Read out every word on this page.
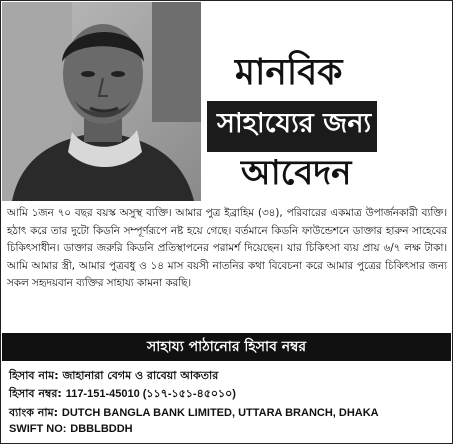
মানবিক
সাহায্যের জন্য
আবেদন
আমি ১জন ৭০ বছর বয়স্ক অসুস্থ ব্যক্তি। আমার পুত্র ইব্রাহিম (৩৪), পরিবারের একমাত্র উপার্জনকারী ব্যক্তি। হঠাৎ করে তার দুটো কিডনি সম্পূর্ণরূপে নষ্ট হয়ে গেছে। বর্তমানে কিডনি ফাউন্ডেশনে ডাক্তার হারুন সাহেবের চিকিৎসাধীন। ডাক্তার জরুরি কিডনি প্রতিস্থাপনের পরামর্শ দিয়েছেন। যার চিকিৎসা ব্যয় প্রায় ৬/৭ লক্ষ টাকা। আমি আমার স্ত্রী, আমার পুত্রবধু ও ১৪ মাস বয়সী নাতনির কথা বিবেচনা করে আমার পুত্রের চিকিৎসার জন্য সকল সহৃদয়বান ব্যক্তির সাহায্য কামনা করছি।
সাহায্য পাঠানোর হিসাব নম্বর
হিসাব নাম: জাহানারা বেগম ও রাবেয়া আকতার
হিসাব নম্বর: 117-151-45010 (১১৭-১৫১-৪৫০১০)
ব্যাংক নাম: DUTCH BANGLA BANK LIMITED, UTTARA BRANCH, DHAKA
SWIFT NO: DBBLBDDH
